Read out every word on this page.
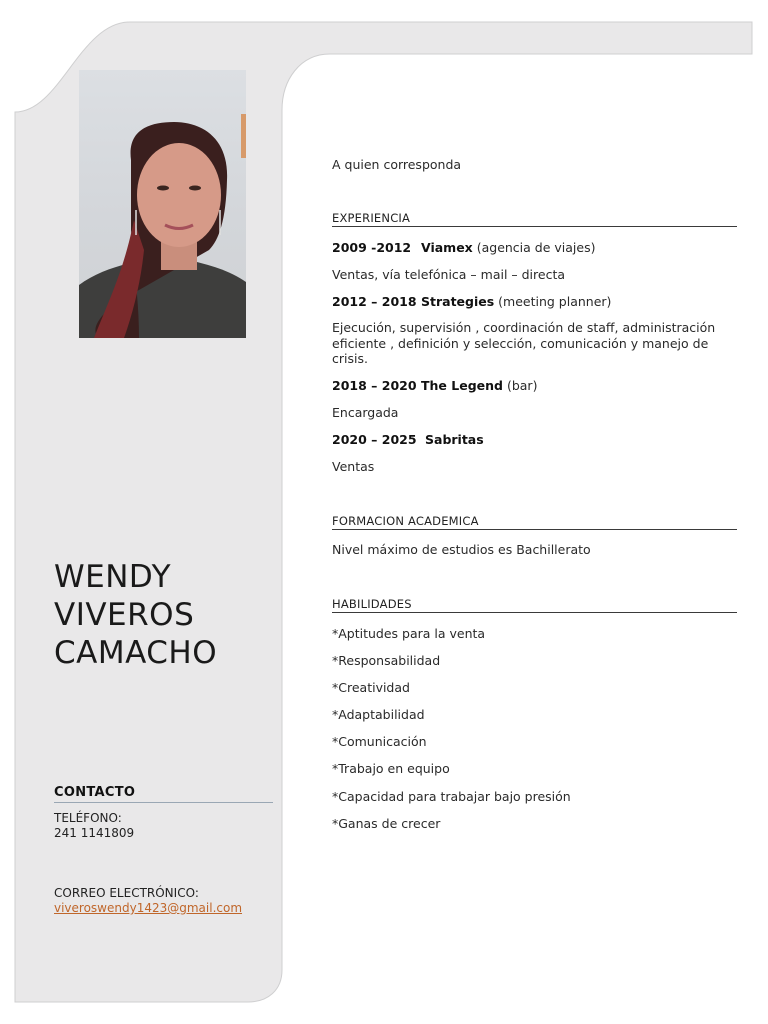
WENDY
VIVEROS
CAMACHO
CONTACTO
TELÉFONO:
241 1141809
CORREO ELECTRÓNICO:
viveroswendy1423@gmail.com
A quien corresponda
EXPERIENCIA
2009 -2012 Viamex (agencia de viajes)
Ventas, vía telefónica – mail – directa
2012 – 2018 Strategies (meeting planner)
Ejecución, supervisión , coordinación de staff, administración eficiente , definición y selección, comunicación y manejo de crisis.
2018 – 2020 The Legend (bar)
Encargada
2020 – 2025 Sabritas
Ventas
FORMACION ACADEMICA
Nivel máximo de estudios es Bachillerato
HABILIDADES
*Aptitudes para la venta
*Responsabilidad
*Creatividad
*Adaptabilidad
*Comunicación
*Trabajo en equipo
*Capacidad para trabajar bajo presión
*Ganas de crecer
